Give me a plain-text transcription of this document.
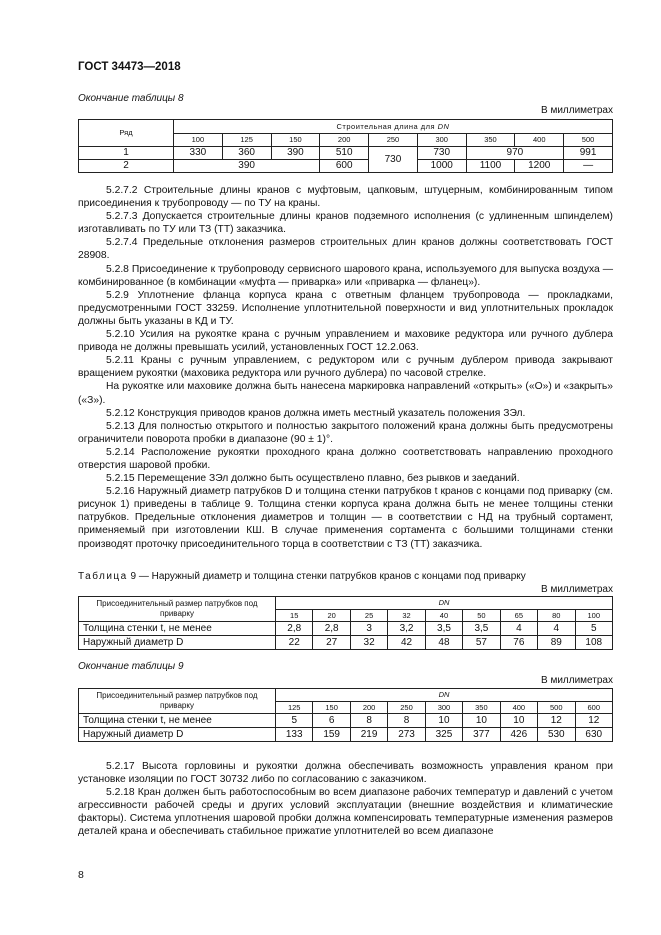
ГОСТ 34473—2018
Окончание таблицы 8
В миллиметрах
Ряд	Строительная длина для DN								
	100	125	150	200	250	300	350	400	500
1	330	360	390	510	730	730	970		991
2	390			600		1000	1100	1200	—

5.2.7.2 Строительные длины кранов с муфтовым, цапковым, штуцерным, комбинированным типом присоединения к трубопроводу — по ТУ на краны.

5.2.7.3 Допускается строительные длины кранов подземного исполнения (с удлиненным шпинделем) изготавливать по ТУ или ТЗ (ТТ) заказчика.

5.2.7.4 Предельные отклонения размеров строительных длин кранов должны соответствовать ГОСТ 28908.

5.2.8 Присоединение к трубопроводу сервисного шарового крана, используемого для выпуска воздуха — комбинированное (в комбинации «муфта — приварка» или «приварка — фланец»).

5.2.9 Уплотнение фланца корпуса крана с ответным фланцем трубопровода — прокладками, предусмотренными ГОСТ 33259. Исполнение уплотнительной поверхности и вид уплотнительных прокладок должны быть указаны в КД и ТУ.

5.2.10 Усилия на рукоятке крана с ручным управлением и маховике редуктора или ручного дублера привода не должны превышать усилий, установленных ГОСТ 12.2.063.

5.2.11 Краны с ручным управлением, с редуктором или с ручным дублером привода закрывают вращением рукоятки (маховика редуктора или ручного дублера) по часовой стрелке.

На рукоятке или маховике должна быть нанесена маркировка направлений «открыть» («О») и «закрыть» («З»).

5.2.12 Конструкция приводов кранов должна иметь местный указатель положения ЗЭл.

5.2.13 Для полностью открытого и полностью закрытого положений крана должны быть предусмотрены ограничители поворота пробки в диапазоне (90 ± 1)°.

5.2.14 Расположение рукоятки проходного крана должно соответствовать направлению проходного отверстия шаровой пробки.

5.2.15 Перемещение ЗЭл должно быть осуществлено плавно, без рывков и заеданий.

5.2.16 Наружный диаметр патрубков D и толщина стенки патрубков t кранов с концами под приварку (см. рисунок 1) приведены в таблице 9. Толщина стенки корпуса крана должна быть не менее толщины стенки патрубков. Предельные отклонения диаметров и толщин — в соответствии с НД на трубный сортамент, применяемый при изготовлении КШ. В случае применения сортамента с большими толщинами стенки производят проточку присоединительного торца в соответствии с ТЗ (ТТ) заказчика.

Таблица 9 — Наружный диаметр и толщина стенки патрубков кранов с концами под приварку
В миллиметрах
Присоединительный размер патрубков под приварку	DN								
	15	20	25	32	40	50	65	80	100
Толщина стенки t, не менее	2,8	2,8	3	3,2	3,5	3,5	4	4	5
Наружный диаметр D	22	27	32	42	48	57	76	89	108
Окончание таблицы 9
В миллиметрах
Присоединительный размер патрубков под приварку	DN								
	125	150	200	250	300	350	400	500	600
Толщина стенки t, не менее	5	6	8	8	10	10	10	12	12
Наружный диаметр D	133	159	219	273	325	377	426	530	630

5.2.17 Высота горловины и рукоятки должна обеспечивать возможность управления краном при установке изоляции по ГОСТ 30732 либо по согласованию с заказчиком.

5.2.18 Кран должен быть работоспособным во всем диапазоне рабочих температур и давлений с учетом агрессивности рабочей среды и других условий эксплуатации (внешние воздействия и климатические факторы). Система уплотнения шаровой пробки должна компенсировать температурные изменения размеров деталей крана и обеспечивать стабильное прижатие уплотнителей во всем диапазоне

8
